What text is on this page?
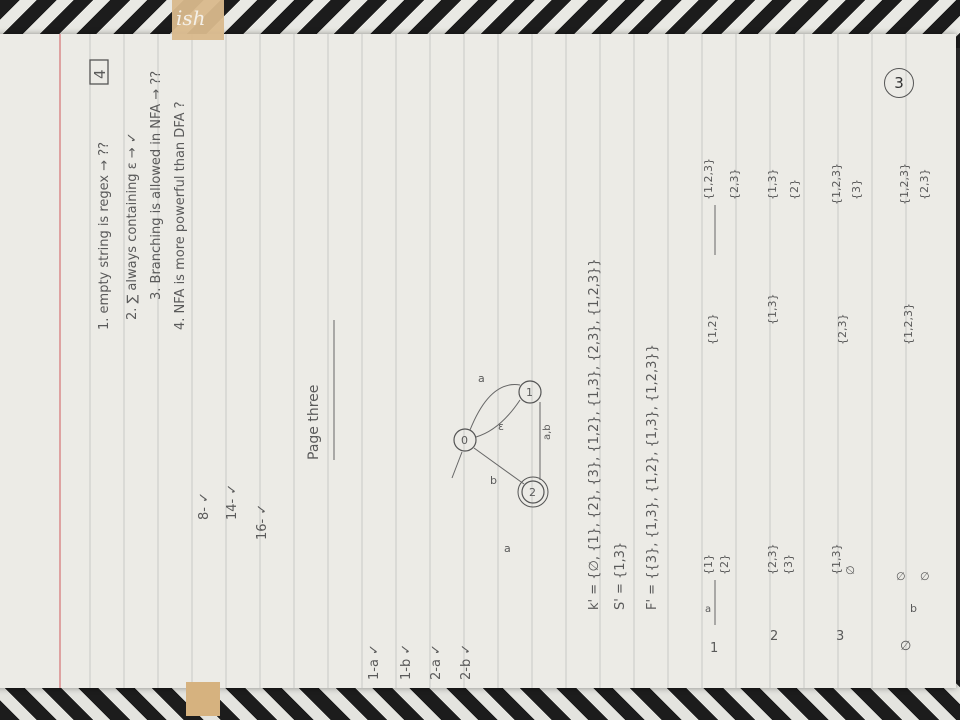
ish
3
4
1. empty string is regex → ?? 2. ∑ always containing ε → ✓ 3. Branching is allowed in NFA → ?? 4. NFA is more powerful than DFA ?
8- ✓ 14- ✓
16- ✓
Page three
1-a ✓ 1-b ✓ 2-a ✓ 2-b ✓
0
1
2
a
b
ε	a,b
a	k' = {∅, {1}, {2}, {3}, {1,2}, {1,3}, {2,3}, {1,2,3}} S' = {1,3} F' = {{3}, {1,3}, {1,2}, {1,3}, {1,2,3}}
1
a
{1} {2}
2
{2,3} {3}
3
{1,3} ∅
∅
b
∅ ∅
{1,2}
{1,2,3} {2,3}
{1,3}
{1,3} {2}
{2,3}
{1,2,3} {3}
{1,2,3}
{1,2,3} {2,3}
